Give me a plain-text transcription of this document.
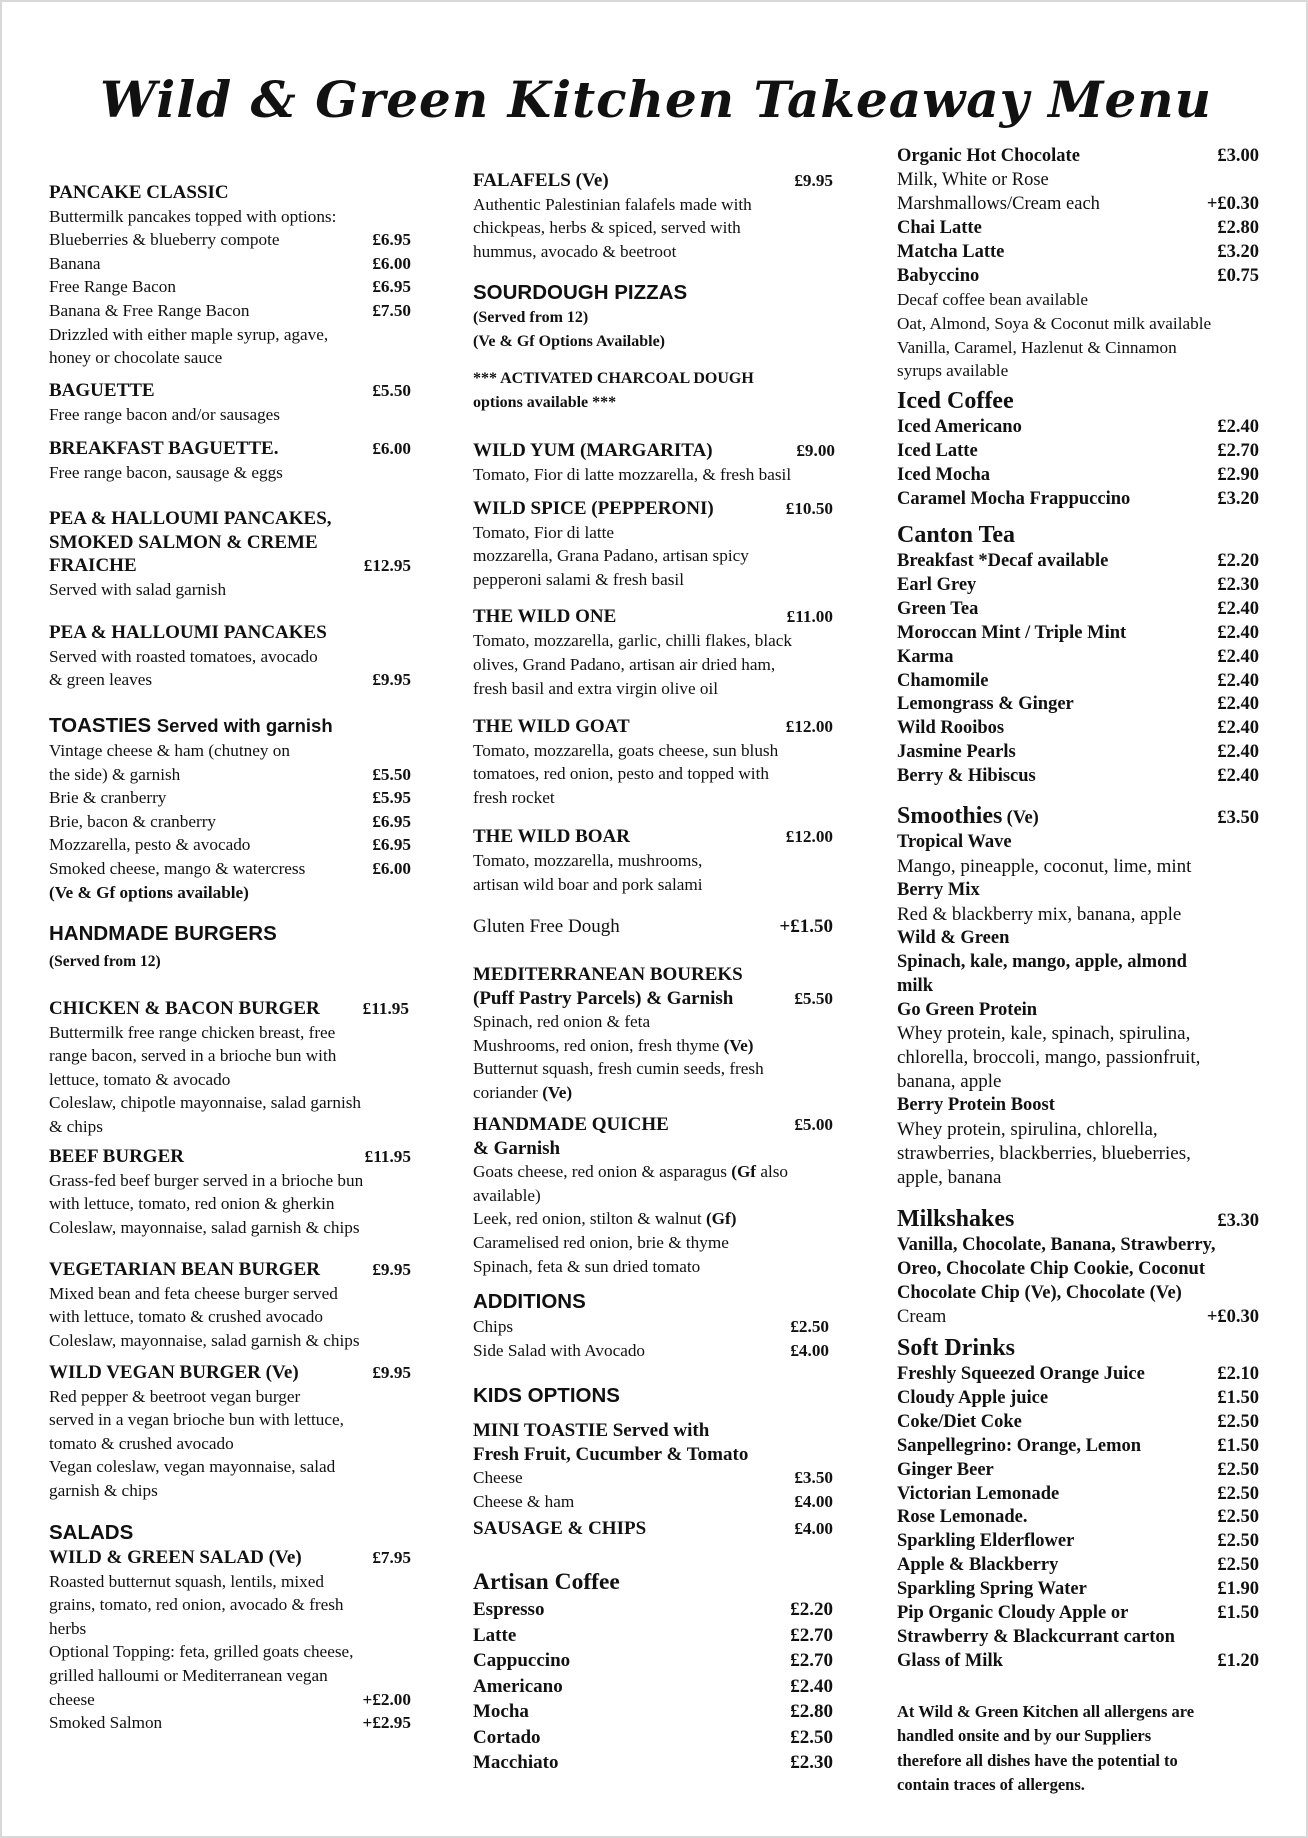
Wild & Green Kitchen Takeaway Menu
PANCAKE CLASSIC
Buttermilk pancakes topped with options:
Blueberries & blueberry compote	£6.95
Banana	£6.00
Free Range Bacon	£6.95
Banana & Free Range Bacon	£7.50
Drizzled with either maple syrup, agave,
honey or chocolate sauce
BAGUETTE	£5.50
Free range bacon and/or sausages
BREAKFAST BAGUETTE.	£6.00
Free range bacon, sausage & eggs
PEA & HALLOUMI PANCAKES,
SMOKED SALMON & CREME
FRAICHE	£12.95
Served with salad garnish
PEA & HALLOUMI PANCAKES
Served with roasted tomatoes, avocado
& green leaves	£9.95
TOASTIES Served with garnish
Vintage cheese & ham (chutney on
the side) & garnish	£5.50
Brie & cranberry	£5.95
Brie, bacon & cranberry	£6.95
Mozzarella, pesto & avocado	£6.95
Smoked cheese, mango & watercress	£6.00
(Ve & Gf options available)
HANDMADE BURGERS
(Served from 12)
CHICKEN & BACON BURGER £11.95
Buttermilk free range chicken breast, free
range bacon, served in a brioche bun with
lettuce, tomato & avocado
Coleslaw, chipotle mayonnaise, salad garnish
& chips
BEEF BURGER	£11.95
Grass-fed beef burger served in a brioche bun
with lettuce, tomato, red onion & gherkin
Coleslaw, mayonnaise, salad garnish & chips
VEGETARIAN BEAN BURGER	£9.95
Mixed bean and feta cheese burger served
with lettuce, tomato & crushed avocado
Coleslaw, mayonnaise, salad garnish & chips
WILD VEGAN BURGER (Ve)	£9.95
Red pepper & beetroot vegan burger
served in a vegan brioche bun with lettuce,
tomato & crushed avocado
Vegan coleslaw, vegan mayonnaise, salad
garnish & chips
SALADS
WILD & GREEN SALAD (Ve)	£7.95
Roasted butternut squash, lentils, mixed
grains, tomato, red onion, avocado & fresh
herbs
Optional Topping: feta, grilled goats cheese,
grilled halloumi or Mediterranean vegan
cheese	+£2.00
Smoked Salmon	+£2.95
FALAFELS (Ve)	£9.95
Authentic Palestinian falafels made with
chickpeas, herbs & spiced, served with
hummus, avocado & beetroot
SOURDOUGH PIZZAS
(Served from 12)
(Ve & Gf Options Available)
*** ACTIVATED CHARCOAL DOUGH
options available ***
WILD YUM (MARGARITA)	£9.00
Tomato, Fior di latte mozzarella, & fresh basil
WILD SPICE (PEPPERONI)	£10.50
Tomato, Fior di latte
mozzarella, Grana Padano, artisan spicy
pepperoni salami & fresh basil
THE WILD ONE	£11.00
Tomato, mozzarella, garlic, chilli flakes, black
olives, Grand Padano, artisan air dried ham,
fresh basil and extra virgin olive oil
THE WILD GOAT	£12.00
Tomato, mozzarella, goats cheese, sun blush
tomatoes, red onion, pesto and topped with
fresh rocket
THE WILD BOAR	£12.00
Tomato, mozzarella, mushrooms,
artisan wild boar and pork salami
Gluten Free Dough	+£1.50
MEDITERRANEAN BOUREKS
(Puff Pastry Parcels) & Garnish	£5.50
Spinach, red onion & feta
Mushrooms, red onion, fresh thyme (Ve)
Butternut squash, fresh cumin seeds, fresh
coriander (Ve)
HANDMADE QUICHE	£5.00
& Garnish
Goats cheese, red onion & asparagus (Gf also
available)
Leek, red onion, stilton & walnut (Gf)
Caramelised red onion, brie & thyme
Spinach, feta & sun dried tomato
ADDITIONS
Chips	£2.50
Side Salad with Avocado	£4.00
KIDS OPTIONS
MINI TOASTIE Served with
Fresh Fruit, Cucumber & Tomato
Cheese	£3.50
Cheese & ham	£4.00
SAUSAGE & CHIPS	£4.00
Artisan Coffee
Espresso	£2.20
Latte	£2.70
Cappuccino	£2.70
Americano	£2.40
Mocha	£2.80
Cortado	£2.50
Macchiato	£2.30
Organic Hot Chocolate	£3.00
Milk, White or Rose
Marshmallows/Cream each	+£0.30
Chai Latte	£2.80
Matcha Latte	£3.20
Babyccino	£0.75
Decaf coffee bean available
Oat, Almond, Soya & Coconut milk available
Vanilla, Caramel, Hazlenut & Cinnamon
syrups available
Iced Coffee
Iced Americano	£2.40
Iced Latte	£2.70
Iced Mocha	£2.90
Caramel Mocha Frappuccino	£3.20
Canton Tea
Breakfast *Decaf available	£2.20
Earl Grey	£2.30
Green Tea	£2.40
Moroccan Mint / Triple Mint	£2.40
Karma	£2.40
Chamomile	£2.40
Lemongrass & Ginger	£2.40
Wild Rooibos	£2.40
Jasmine Pearls	£2.40
Berry & Hibiscus	£2.40
Smoothies (Ve)	£3.50
Tropical Wave
Mango, pineapple, coconut, lime, mint
Berry Mix
Red & blackberry mix, banana, apple
Wild & Green
Spinach, kale, mango, apple, almond
milk
Go Green Protein
Whey protein, kale, spinach, spirulina,
chlorella, broccoli, mango, passionfruit,
banana, apple
Berry Protein Boost
Whey protein, spirulina, chlorella,
strawberries, blackberries, blueberries,
apple, banana
Milkshakes	£3.30
Vanilla, Chocolate, Banana, Strawberry,
Oreo, Chocolate Chip Cookie, Coconut
Chocolate Chip (Ve), Chocolate (Ve)
Cream	+£0.30
Soft Drinks
Freshly Squeezed Orange Juice	£2.10
Cloudy Apple juice	£1.50
Coke/Diet Coke	£2.50
Sanpellegrino: Orange, Lemon	£1.50
Ginger Beer	£2.50
Victorian Lemonade	£2.50
Rose Lemonade.	£2.50
Sparkling Elderflower	£2.50
Apple & Blackberry	£2.50
Sparkling Spring Water	£1.90
Pip Organic Cloudy Apple or	£1.50
Strawberry & Blackcurrant carton
Glass of Milk	£1.20
At Wild & Green Kitchen all allergens are
handled onsite and by our Suppliers
therefore all dishes have the potential to
contain traces of allergens.
